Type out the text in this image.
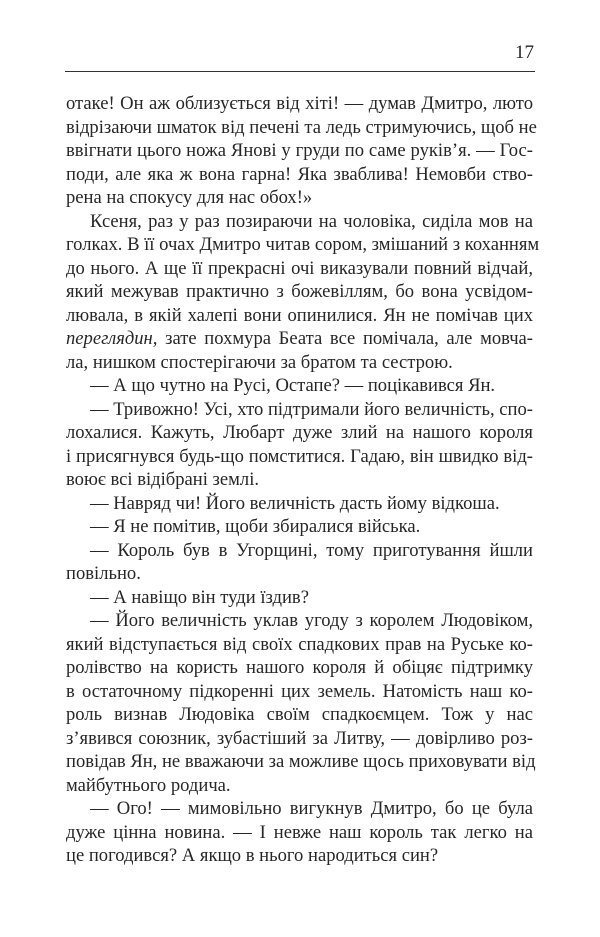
17
отаке! Он аж облизується від хіті! — думав Дмитро, люто
відрізаючи шматок від печені та ледь стримуючись, щоб не
ввігнати цього ножа Янові у груди по саме руків’я. — Гос-
поди, але яка ж вона гарна! Яка зваблива! Немовби ство-
рена на спокусу для нас обох!»
Ксеня, раз у раз позираючи на чоловіка, сиділа мов на
голках. В її очах Дмитро читав сором, змішаний з коханням
до нього. А ще її прекрасні очі виказували повний відчай,
який межував практично з божевіллям, бо вона усвідом-
лювала, в якій халепі вони опинилися. Ян не помічав цих
переглядин, зате похмура Беата все помічала, але мовча-
ла, нишком спостерігаючи за братом та сестрою.
— А що чутно на Русі, Остапе? — поцікавився Ян.
— Тривожно! Усі, хто підтримали його величність, спо-
лохалися. Кажуть, Любарт дуже злий на нашого короля
і присягнувся будь-що помститися. Гадаю, він швидко від-
воює всі відібрані землі.
— Навряд чи! Його величність дасть йому відкоша.
— Я не помітив, щоби збиралися війська.
— Король був в Угорщині, тому приготування йшли
повільно.
— А навіщо він туди їздив?
— Його величність уклав угоду з королем Людовіком,
який відступається від своїх спадкових прав на Руське ко-
ролівство на користь нашого короля й обіцяє підтримку
в остаточному підкоренні цих земель. Натомість наш ко-
роль визнав Людовіка своїм спадкоємцем. Тож у нас
з’явився союзник, зубастіший за Литву, — довірливо роз-
повідав Ян, не вважаючи за можливе щось приховувати від
майбутнього родича.
— Ого! — мимовільно вигукнув Дмитро, бо це була
дуже цінна новина. — І невже наш король так легко на
це погодився? А якщо в нього народиться син?
